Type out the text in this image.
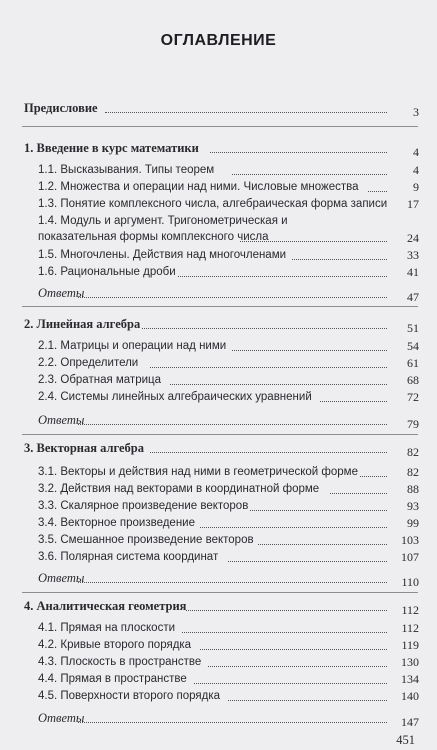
ОГЛАВЛЕНИЕ
Предисловие	3
1. Введение в курс математики	4
1.1. Высказывания. Типы теорем	4
1.2. Множества и операции над ними. Числовые множества	9
1.3. Понятие комплексного числа, алгебраическая форма записи	17
1.4. Модуль и аргумент. Тригонометрическая и показательная формы комплексного числа	24
1.5. Многочлены. Действия над многочленами	33
1.6. Рациональные дроби	41
Ответы	47
2. Линейная алгебра	51
2.1. Матрицы и операции над ними	54
2.2. Определители	61
2.3. Обратная матрица	68
2.4. Системы линейных алгебраических уравнений	72
Ответы	79
3. Векторная алгебра	82
3.1. Векторы и действия над ними в геометрической форме	82
3.2. Действия над векторами в координатной форме	88
3.3. Скалярное произведение векторов	93
3.4. Векторное произведение	99
3.5. Смешанное произведение векторов	103
3.6. Полярная система координат	107
Ответы	110
4. Аналитическая геометрия	112
4.1. Прямая на плоскости	112
4.2. Кривые второго порядка	119
4.3. Плоскость в пространстве	130
4.4. Прямая в пространстве	134
4.5. Поверхности второго порядка	140
Ответы	147
451
